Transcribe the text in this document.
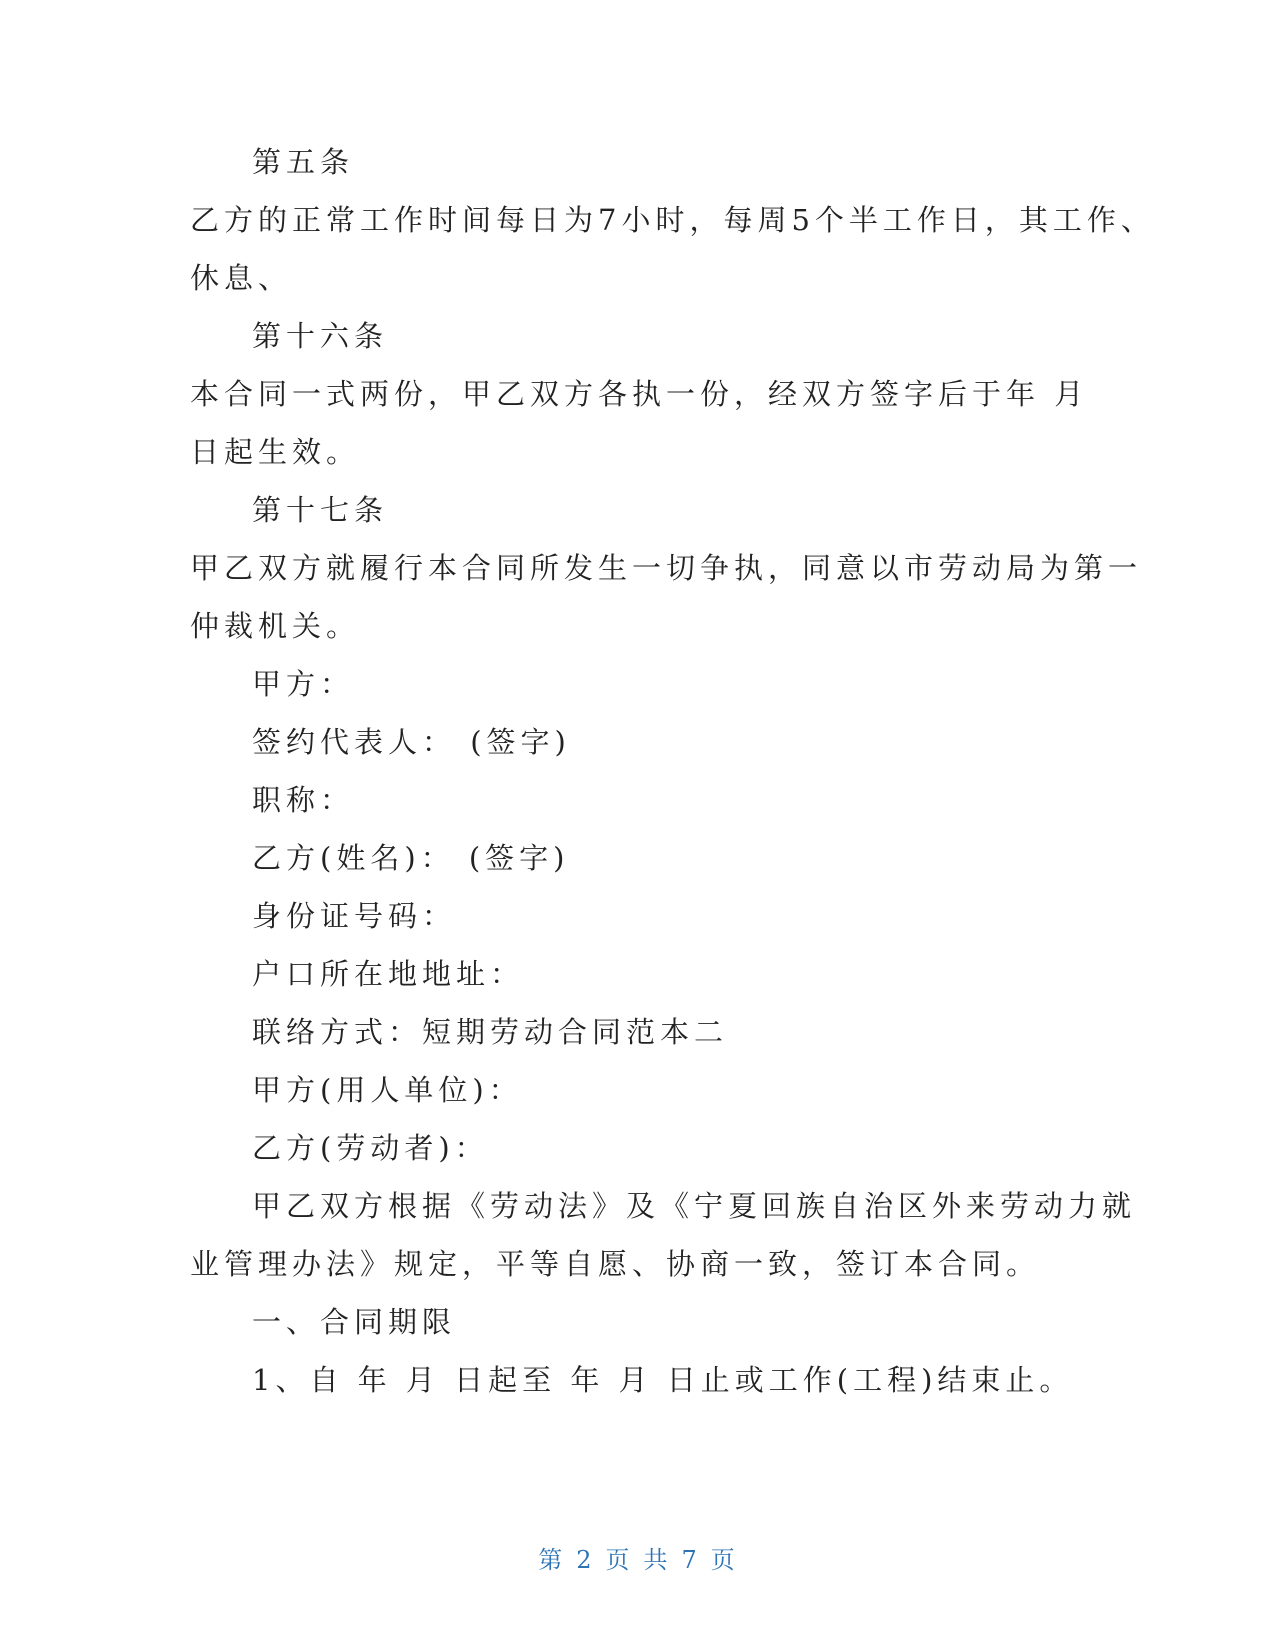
第五条
乙方的正常工作时间每日为7小时，每周5个半工作日，其工作、
休息、
第十六条
本合同一式两份，甲乙双方各执一份，经双方签字后于年 月
日起生效。
第十七条
甲乙双方就履行本合同所发生一切争执，同意以市劳动局为第一
仲裁机关。
甲方：
签约代表人： (签字)
职称：
乙方(姓名)： (签字)
身份证号码：
户口所在地地址：
联络方式：短期劳动合同范本二
甲方(用人单位)：
乙方(劳动者)：
甲乙双方根据《劳动法》及《宁夏回族自治区外来劳动力就
业管理办法》规定，平等自愿、协商一致，签订本合同。
一、合同期限
1、自 年 月 日起至 年 月 日止或工作(工程)结束止。
第 2 页 共 7 页
